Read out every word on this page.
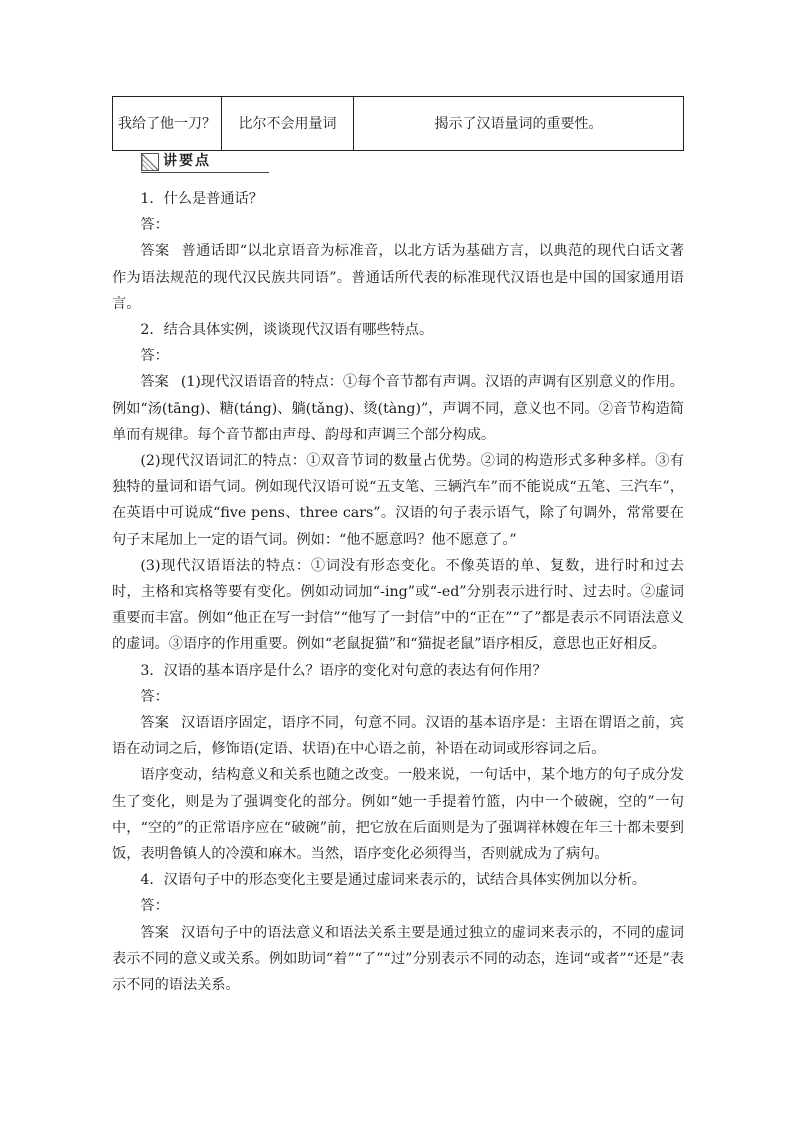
我给了他一刀？	比尔不会用量词	揭示了汉语量词的重要性。
讲要点

1．什么是普通话？

答：

答案 普通话即“以北京语音为标准音，以北方话为基础方言，以典范的现代白话文著作为语法规范的现代汉民族共同语”。普通话所代表的标准现代汉语也是中国的国家通用语言。

2．结合具体实例，谈谈现代汉语有哪些特点。

答：

答案 (1)现代汉语语音的特点：①每个音节都有声调。汉语的声调有区别意义的作用。例如“汤(tāng)、糖(táng)、躺(tǎng)、烫(tàng)”，声调不同，意义也不同。②音节构造简单而有规律。每个音节都由声母、韵母和声调三个部分构成。

(2)现代汉语词汇的特点：①双音节词的数量占优势。②词的构造形式多种多样。③有独特的量词和语气词。例如现代汉语可说“五支笔、三辆汽车”而不能说成“五笔、三汽车”，在英语中可说成“five pens、three cars”。汉语的句子表示语气，除了句调外，常常要在句子末尾加上一定的语气词。例如：“他不愿意吗？他不愿意了。”

(3)现代汉语语法的特点：①词没有形态变化。不像英语的单、复数，进行时和过去时，主格和宾格等要有变化。例如动词加“-ing”或“-ed”分别表示进行时、过去时。②虚词重要而丰富。例如“他正在写一封信”“他写了一封信”中的“正在”“了”都是表示不同语法意义的虚词。③语序的作用重要。例如“老鼠捉猫”和“猫捉老鼠”语序相反，意思也正好相反。

3．汉语的基本语序是什么？语序的变化对句意的表达有何作用？

答：

答案 汉语语序固定，语序不同，句意不同。汉语的基本语序是：主语在谓语之前，宾语在动词之后，修饰语(定语、状语)在中心语之前，补语在动词或形容词之后。

语序变动，结构意义和关系也随之改变。一般来说，一句话中，某个地方的句子成分发生了变化，则是为了强调变化的部分。例如“她一手提着竹篮，内中一个破碗，空的”一句中，“空的”的正常语序应在“破碗”前，把它放在后面则是为了强调祥林嫂在年三十都未要到饭，表明鲁镇人的冷漠和麻木。当然，语序变化必须得当，否则就成为了病句。

4．汉语句子中的形态变化主要是通过虚词来表示的，试结合具体实例加以分析。

答：

答案 汉语句子中的语法意义和语法关系主要是通过独立的虚词来表示的，不同的虚词表示不同的意义或关系。例如助词“着”“了”“过”分别表示不同的动态，连词“或者”“还是”表示不同的语法关系。
